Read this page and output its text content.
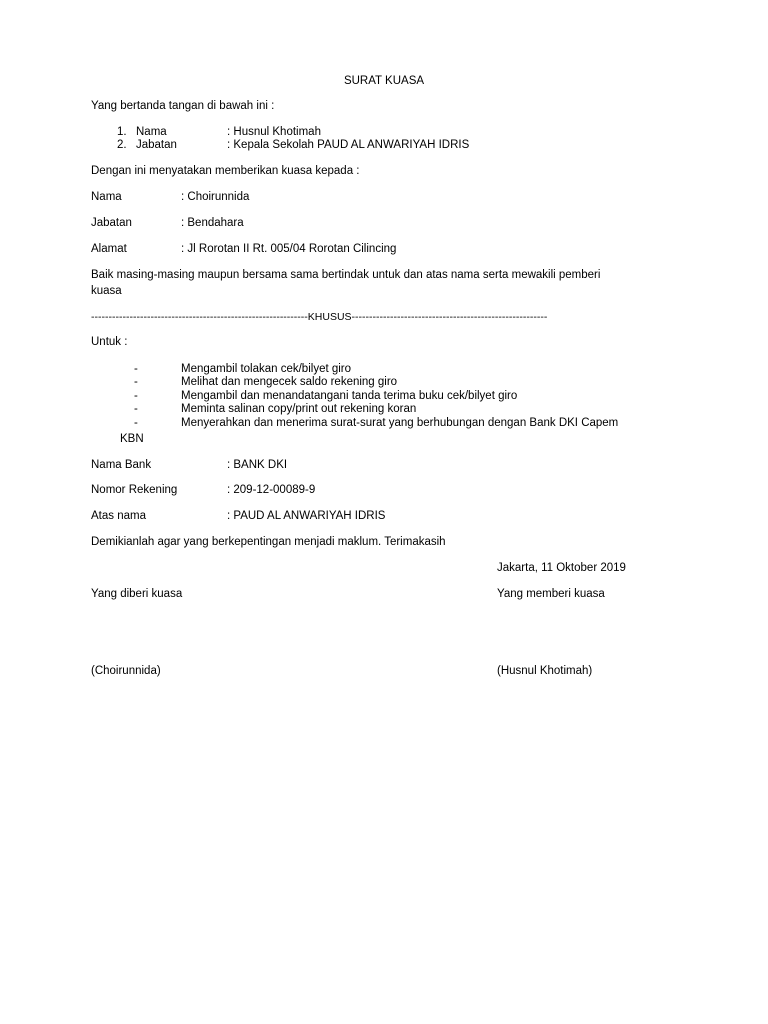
SURAT KUASA
Yang bertanda tangan di bawah ini :
1. Nama	: Husnul Khotimah
2. Jabatan	: Kepala Sekolah PAUD AL ANWARIYAH IDRIS
Dengan ini menyatakan memberikan kuasa kepada :
Nama	: Choirunnida
Jabatan	: Bendahara
Alamat	: Jl Rorotan II Rt. 005/04 Rorotan Cilincing
Baik masing-masing maupun bersama sama bertindak untuk dan atas nama serta mewakili pemberi
kuasa
--------------------------------------------------------------KHUSUS--------------------------------------------------------
Untuk :
-	Mengambil tolakan cek/bilyet giro
-	Melihat dan mengecek saldo rekening giro
-	Mengambil dan menandatangani tanda terima buku cek/bilyet giro
-	Meminta salinan copy/print out rekening koran
-	Menyerahkan dan menerima surat-surat yang berhubungan dengan Bank DKI Capem
KBN
Nama Bank	: BANK DKI
Nomor Rekening	: 209-12-00089-9
Atas nama	: PAUD AL ANWARIYAH IDRIS
Demikianlah agar yang berkepentingan menjadi maklum. Terimakasih
Jakarta, 11 Oktober 2019
Yang diberi kuasa	Yang memberi kuasa
(Choirunnida)	(Husnul Khotimah)
